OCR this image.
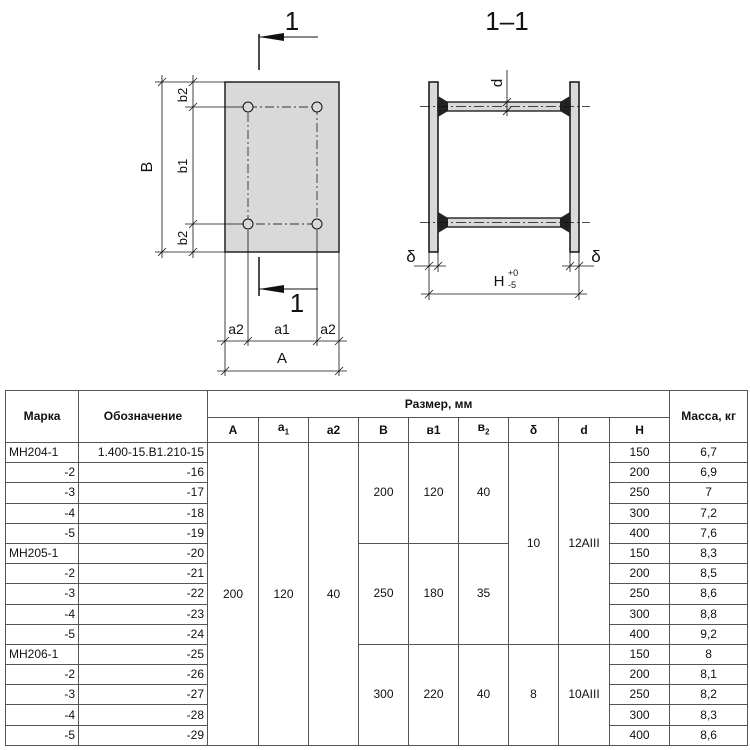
1
1
B
b2
b1
b2
a2 a1 a2
A
1–1
d
δ	δ
H +0
-5
Марка	Обозначение	Размер, мм									Масса, кг
		А	$a_1$	a2	B	в1	$в_2$	δ	d	H	
МН204-1	1.400-15.В1.210-15	200	120	40	200	120	40	10	12AIII	150	6,7
-2	-16									200	6,9
-3	-17									250	7
-4	-18									300	7,2
-5	-19									400	7,6
МН205-1	-20				250	180	35			150	8,3
-2	-21									200	8,5
-3	-22									250	8,6
-4	-23									300	8,8
-5	-24									400	9,2
МН206-1	-25				300	220	40	8	10AIII	150	8
-2	-26									200	8,1
-3	-27									250	8,2
-4	-28									300	8,3
-5	-29									400	8,6
